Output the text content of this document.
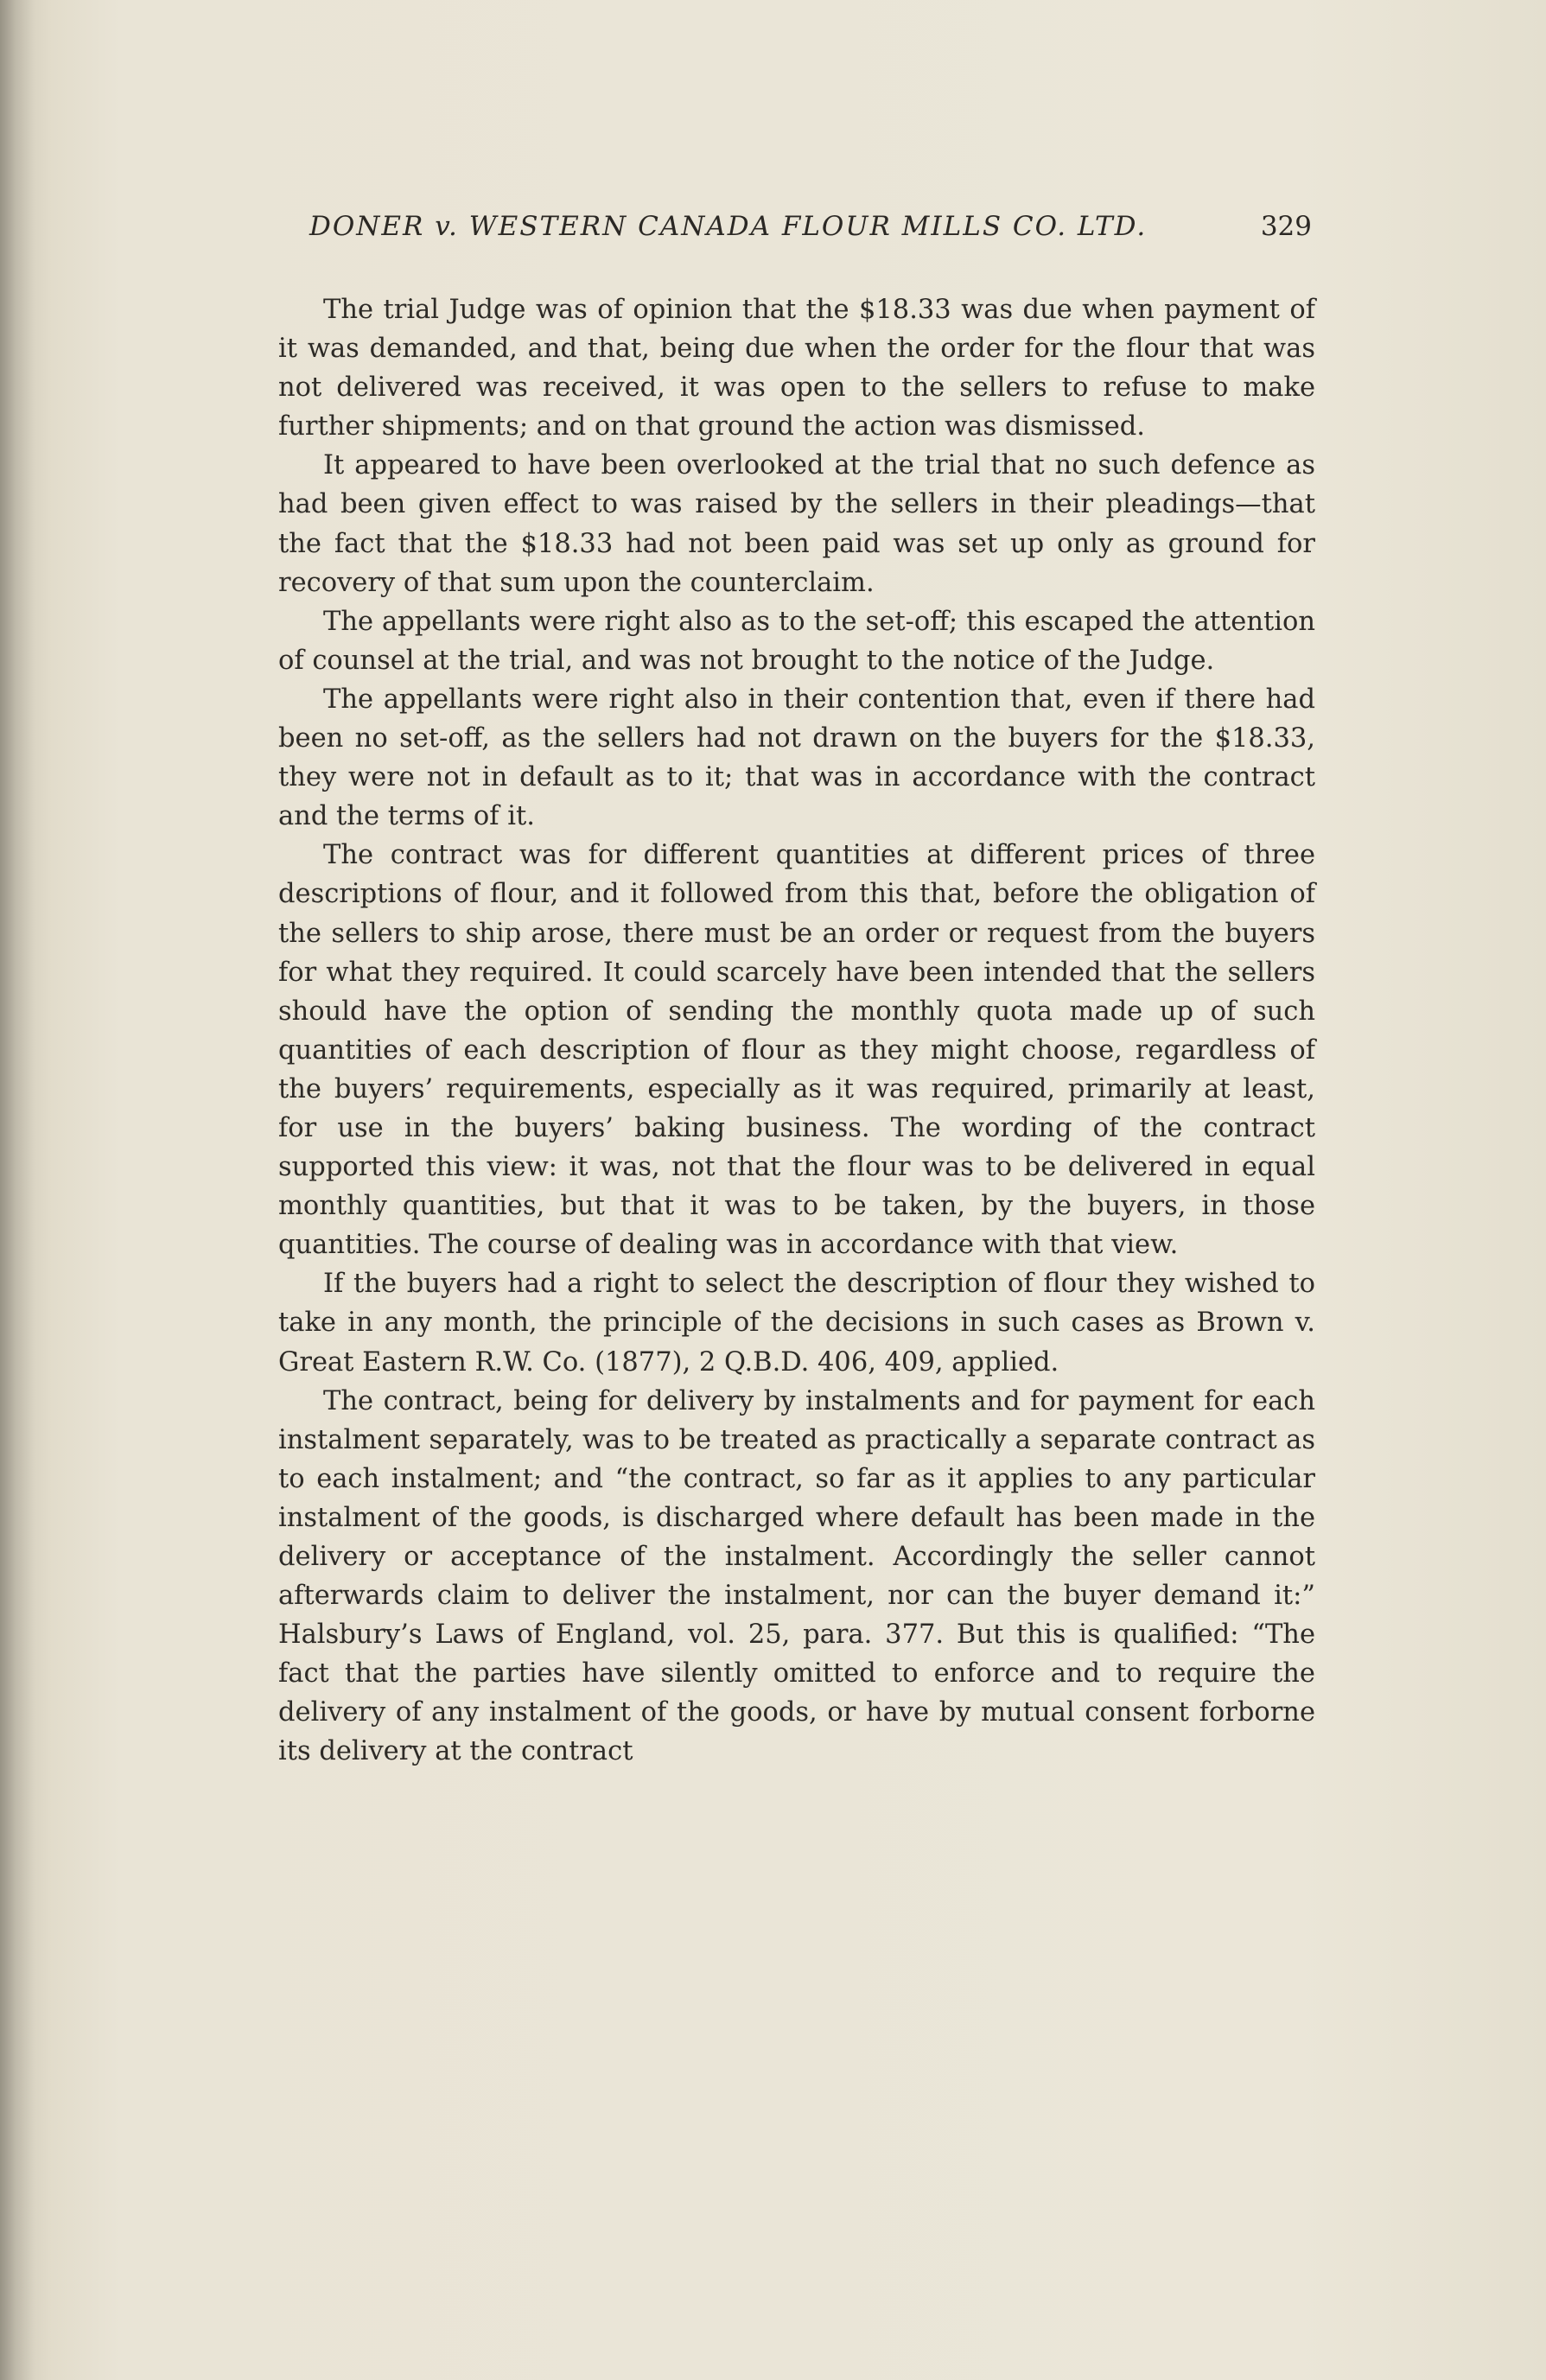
DONER v. WESTERN CANADA FLOUR MILLS CO. LTD.	329

The trial Judge was of opinion that the $18.33 was due when payment of it was demanded, and that, being due when the order for the flour that was not delivered was received, it was open to the sellers to refuse to make further shipments; and on that ground the action was dismissed.

It appeared to have been overlooked at the trial that no such defence as had been given effect to was raised by the sellers in their pleadings—that the fact that the $18.33 had not been paid was set up only as ground for recovery of that sum upon the counterclaim.

The appellants were right also as to the set-off; this escaped the attention of counsel at the trial, and was not brought to the notice of the Judge.

The appellants were right also in their contention that, even if there had been no set-off, as the sellers had not drawn on the buyers for the $18.33, they were not in default as to it; that was in accordance with the contract and the terms of it.

The contract was for different quantities at different prices of three descriptions of flour, and it followed from this that, before the obligation of the sellers to ship arose, there must be an order or request from the buyers for what they required. It could scarcely have been intended that the sellers should have the option of sending the monthly quota made up of such quantities of each description of flour as they might choose, regardless of the buyers’ requirements, especially as it was required, primarily at least, for use in the buyers’ baking business. The wording of the contract supported this view: it was, not that the flour was to be delivered in equal monthly quantities, but that it was to be taken, by the buyers, in those quantities. The course of dealing was in accordance with that view.

If the buyers had a right to select the description of flour they wished to take in any month, the principle of the decisions in such cases as Brown v. Great Eastern R.W. Co. (1877), 2 Q.B.D. 406, 409, applied.

The contract, being for delivery by instalments and for payment for each instalment separately, was to be treated as practically a separate contract as to each instalment; and “the contract, so far as it applies to any particular instalment of the goods, is discharged where default has been made in the delivery or acceptance of the instalment. Accordingly the seller cannot afterwards claim to deliver the instalment, nor can the buyer demand it:” Halsbury’s Laws of England, vol. 25, para. 377. But this is qualified: “The fact that the parties have silently omitted to enforce and to require the delivery of any instalment of the goods, or have by mutual consent forborne its delivery at the contract
